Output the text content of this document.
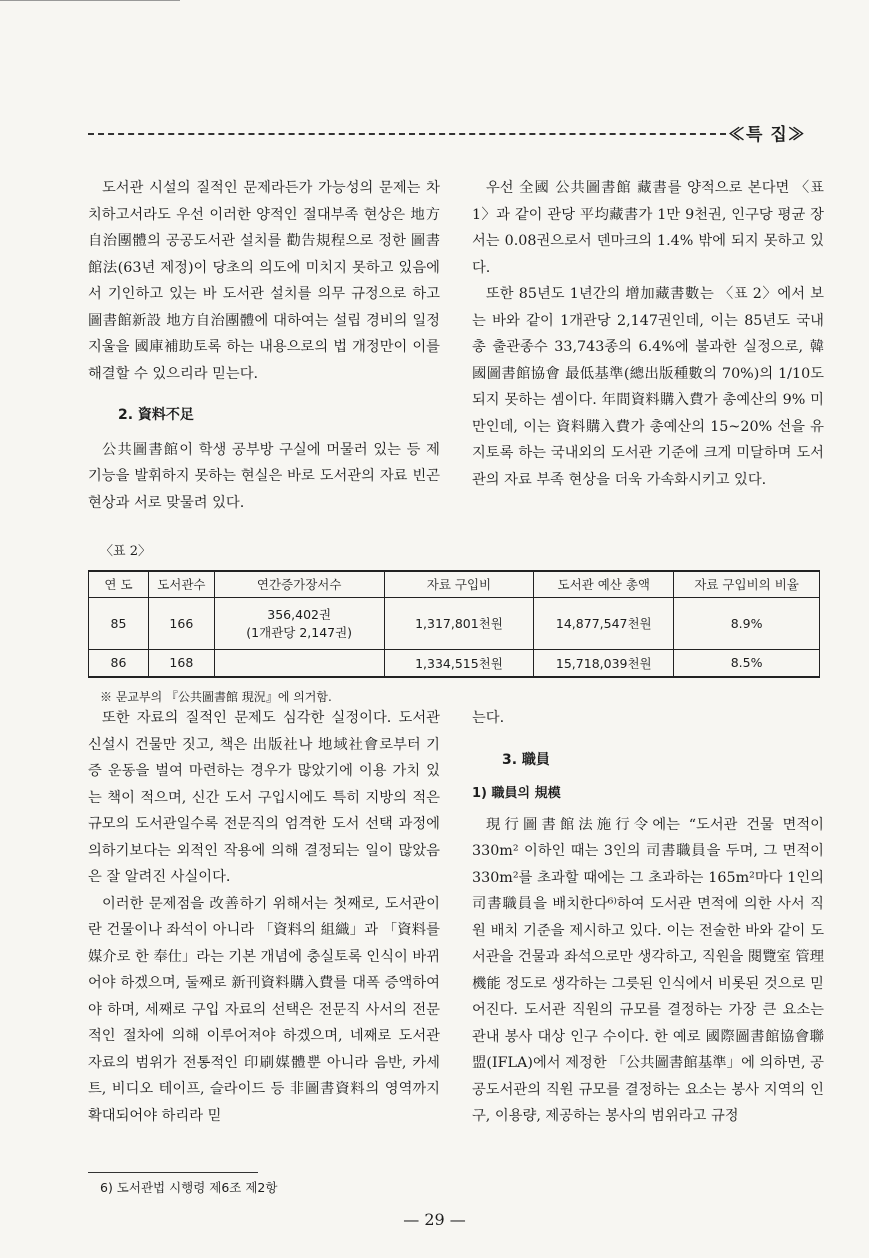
≪특 집≫

도서관 시설의 질적인 문제라든가 가능성의 문제는 차치하고서라도 우선 이러한 양적인 절대부족 현상은 地方自治團體의 공공도서관 설치를 勸告規程으로 정한 圖書館法(63년 제정)이 당초의 의도에 미치지 못하고 있음에서 기인하고 있는 바 도서관 설치를 의무 규정으로 하고 圖書館新設 地方自治團體에 대하여는 설립 경비의 일정 지울을 國庫補助토록 하는 내용으로의 법 개정만이 이를 해결할 수 있으리라 믿는다.

2. 資料不足

公共圖書館이 학생 공부방 구실에 머물러 있는 등 제 기능을 발휘하지 못하는 현실은 바로 도서관의 자료 빈곤 현상과 서로 맞물려 있다.

우선 全國 公共圖書館 藏書를 양적으로 본다면 〈표 1〉과 같이 관당 平均藏書가 1만 9천권, 인구당 평균 장서는 0.08권으로서 덴마크의 1.4% 밖에 되지 못하고 있다.

또한 85년도 1년간의 增加藏書數는 〈표 2〉에서 보는 바와 같이 1개관당 2,147권인데, 이는 85년도 국내 총 출관종수 33,743종의 6.4%에 불과한 실정으로, 韓國圖書館協會 最低基準(總出版種數의 70%)의 1/10도 되지 못하는 셈이다. 年間資料購入費가 총예산의 9% 미만인데, 이는 資料購入費가 총예산의 15~20% 선을 유지토록 하는 국내외의 도서관 기준에 크게 미달하며 도서관의 자료 부족 현상을 더욱 가속화시키고 있다.

〈표 2〉
연 도	도서관수	연간증가장서수	자료 구입비	도서관 예산 총액	자료 구입비의 비율
85	166	356,402권
(1개관당 2,147권)	1,317,801천원	14,877,547천원	8.9%
86	168		1,334,515천원	15,718,039천원	8.5%
※ 문교부의 『公共圖書館 現況』에 의거함.

또한 자료의 질적인 문제도 심각한 실정이다. 도서관 신설시 건물만 짓고, 책은 出版社나 地域社會로부터 기증 운동을 벌여 마련하는 경우가 많았기에 이용 가치 있는 책이 적으며, 신간 도서 구입시에도 특히 지방의 적은 규모의 도서관일수록 전문직의 엄격한 도서 선택 과정에 의하기보다는 외적인 작용에 의해 결정되는 일이 많았음은 잘 알려진 사실이다.

이러한 문제점을 改善하기 위해서는 첫째로, 도서관이란 건물이나 좌석이 아니라 「資料의 組織」과 「資料를 媒介로 한 奉仕」라는 기본 개념에 충실토록 인식이 바뀌어야 하겠으며, 둘째로 新刊資料購入費를 대폭 증액하여야 하며, 세째로 구입 자료의 선택은 전문직 사서의 전문적인 절차에 의해 이루어져야 하겠으며, 네째로 도서관 자료의 범위가 전통적인 印刷媒體뿐 아니라 음반, 카세트, 비디오 테이프, 슬라이드 등 非圖書資料의 영역까지 확대되어야 하리라 믿

는다.

3. 職員

1) 職員의 規模

現行圖書館法施行令에는 “도서관 건물 면적이 330m² 이하인 때는 3인의 司書職員을 두며, 그 면적이 330m²를 초과할 때에는 그 초과하는 165m²마다 1인의 司書職員을 배치한다⁶⁾하여 도서관 면적에 의한 사서 직원 배치 기준을 제시하고 있다. 이는 전술한 바와 같이 도서관을 건물과 좌석으로만 생각하고, 직원을 閱覽室 管理機能 정도로 생각하는 그릇된 인식에서 비롯된 것으로 믿어진다. 도서관 직원의 규모를 결정하는 가장 큰 요소는 관내 봉사 대상 인구 수이다. 한 예로 國際圖書館協會聯盟(IFLA)에서 제정한 「公共圖書館基準」에 의하면, 공공도서관의 직원 규모를 결정하는 요소는 봉사 지역의 인구, 이용량, 제공하는 봉사의 범위라고 규정

6) 도서관법 시행령 제6조 제2항
— 29 —
